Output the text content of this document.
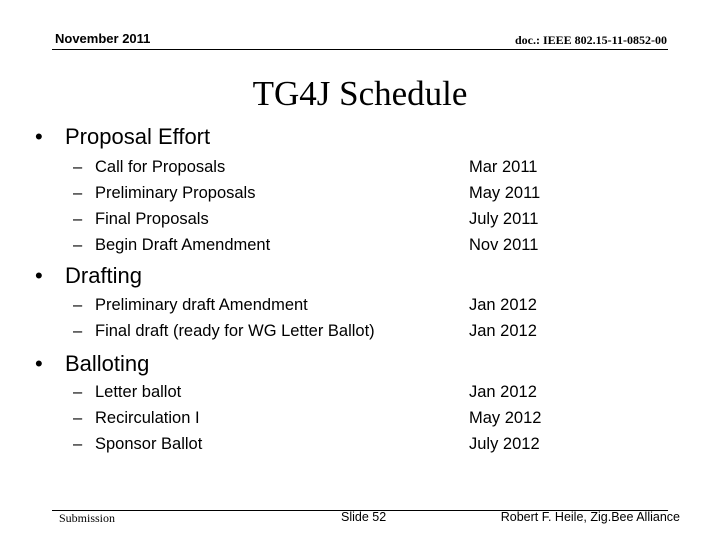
November 2011	doc.: IEEE 802.15-11-0852-00
TG4J Schedule
• Proposal Effort
– Call for Proposals	Mar 2011
– Preliminary Proposals	May 2011
– Final Proposals	July 2011
– Begin Draft Amendment	Nov 2011
• Drafting
– Preliminary draft Amendment	Jan 2012
– Final draft (ready for WG Letter Ballot)	Jan 2012
• Balloting
– Letter ballot	Jan 2012
– Recirculation I	May 2012
– Sponsor Ballot	July 2012
Submission	Slide 52	Robert F. Heile, Zig.Bee Alliance
